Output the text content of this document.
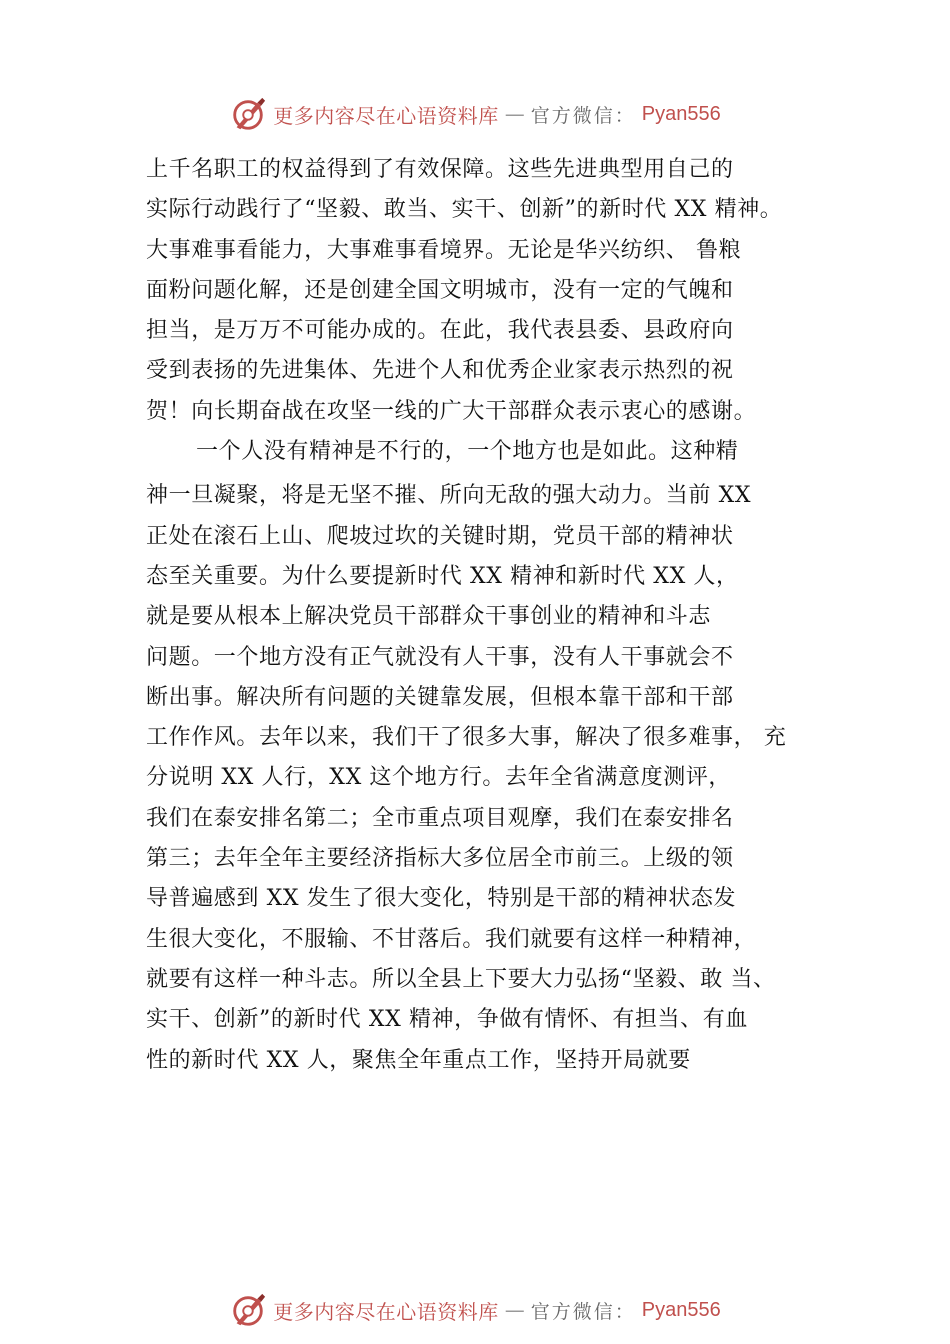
更多内容尽在心语资料库 — 官方微信： Pyan556
上千名职工的权益得到了有效保障。这些先进典型用自己的
实际行动践行了“坚毅、敢当、实干、创新”的新时代 XX 精神。
大事难事看能力，大事难事看境界。无论是华兴纺织、 鲁粮
面粉问题化解，还是创建全国文明城市，没有一定的气魄和
担当，是万万不可能办成的。在此，我代表县委、县政府向
受到表扬的先进集体、先进个人和优秀企业家表示热烈的祝
贺！向长期奋战在攻坚一线的广大干部群众表示衷心的感谢。
一个人没有精神是不行的，一个地方也是如此。这种精
神一旦凝聚，将是无坚不摧、所向无敌的强大动力。当前 XX
正处在滚石上山、爬坡过坎的关键时期，党员干部的精神状
态至关重要。为什么要提新时代 XX 精神和新时代 XX 人，
就是要从根本上解决党员干部群众干事创业的精神和斗志
问题。一个地方没有正气就没有人干事，没有人干事就会不
断出事。解决所有问题的关键靠发展，但根本靠干部和干部
工作作风。去年以来，我们干了很多大事，解决了很多难事， 充
分说明 XX 人行，XX 这个地方行。去年全省满意度测评，
我们在泰安排名第二；全市重点项目观摩，我们在泰安排名
第三；去年全年主要经济指标大多位居全市前三。上级的领
导普遍感到 XX 发生了很大变化，特别是干部的精神状态发
生很大变化，不服输、不甘落后。我们就要有这样一种精神，
就要有这样一种斗志。所以全县上下要大力弘扬“坚毅、敢 当、
实干、创新”的新时代 XX 精神，争做有情怀、有担当、有血
性的新时代 XX 人，聚焦全年重点工作，坚持开局就要
更多内容尽在心语资料库 — 官方微信： Pyan556
